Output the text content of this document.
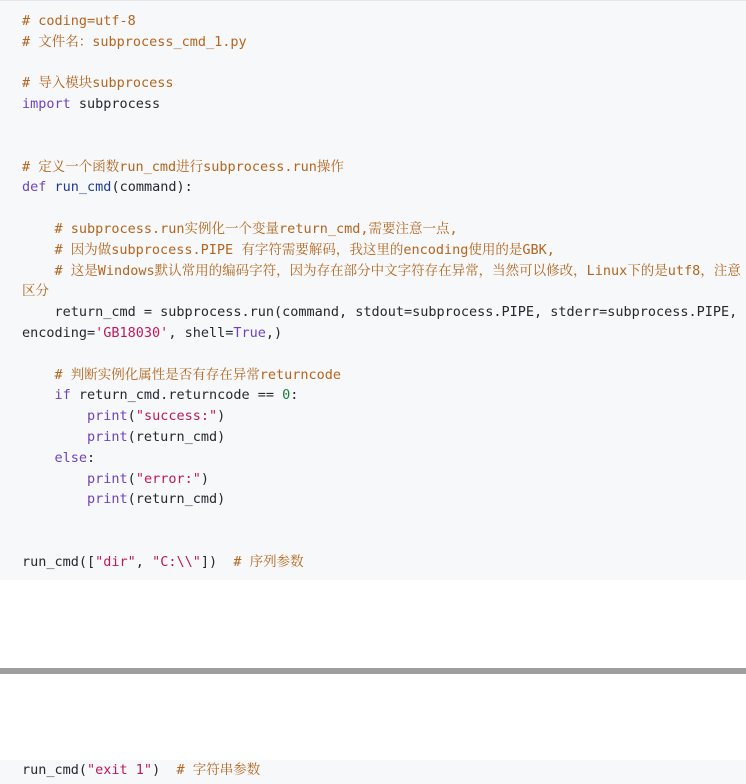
# coding=utf-8
# 文件名：subprocess_cmd_1.py

# 导入模块subprocess
import subprocess

# 定义一个函数run_cmd进行subprocess.run操作
def run_cmd(command):

# subprocess.run实例化一个变量return_cmd,需要注意一点,
# 因为做subprocess.PIPE 有字符需要解码，我这里的encoding使用的是GBK,
# 这是Windows默认常用的编码字符，因为存在部分中文字符存在异常，当然可以修改，Linux下的是utf8，注意区分
return_cmd = subprocess.run(command, stdout=subprocess.PIPE, stderr=subprocess.PIPE, encoding='GB18030', shell=True,)

# 判断实例化属性是否有存在异常returncode
if return_cmd.returncode == 0:
print("success:")
print(return_cmd)
else:
print("error:")
print(return_cmd)

run_cmd(["dir", "C:\\"])  # 序列参数
run_cmd("exit 1")  # 字符串参数
